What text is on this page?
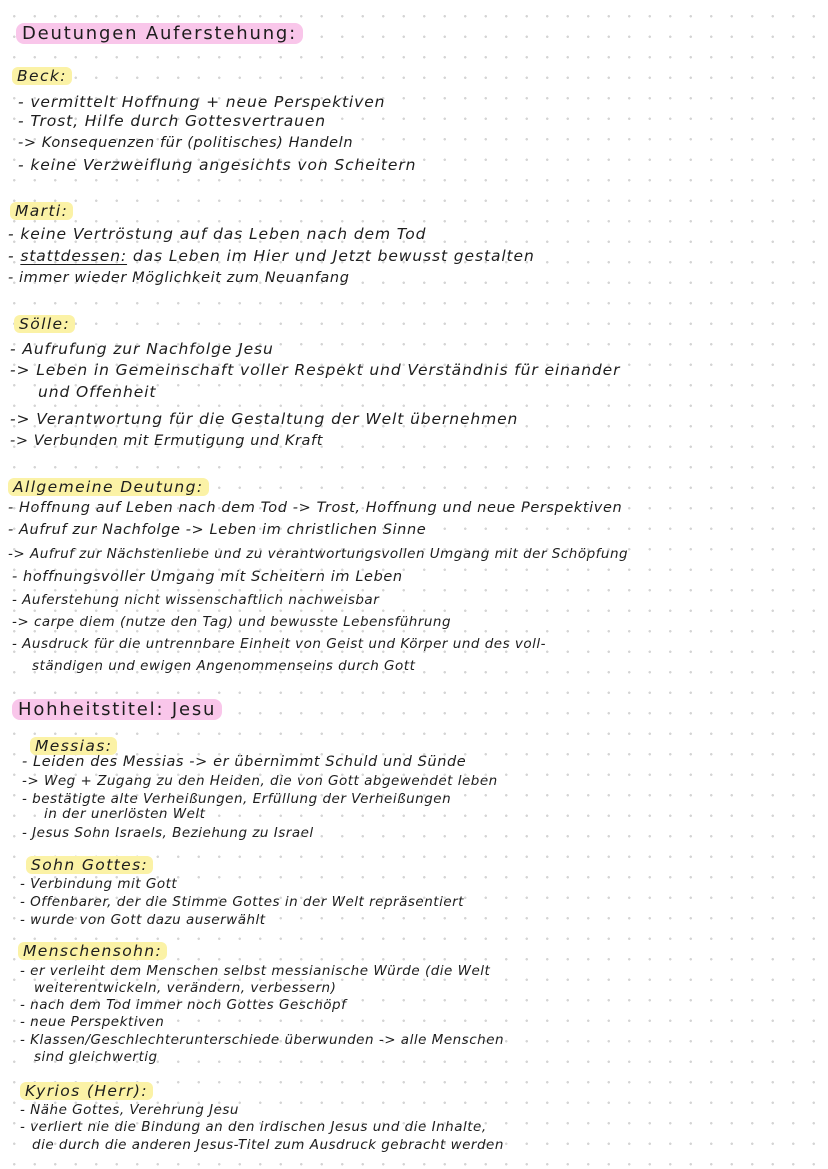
Deutungen Auferstehung:
Beck:
- vermittelt Hoffnung + neue Perspektiven
- Trost, Hilfe durch Gottesvertrauen
-> Konsequenzen für (politisches) Handeln
- keine Verzweiflung angesichts von Scheitern
Marti:
- keine Vertröstung auf das Leben nach dem Tod
- stattdessen: das Leben im Hier und Jetzt bewusst gestalten
- immer wieder Möglichkeit zum Neuanfang
Sölle:
- Aufrufung zur Nachfolge Jesu
-> Leben in Gemeinschaft voller Respekt und Verständnis für einander
und Offenheit
-> Verantwortung für die Gestaltung der Welt übernehmen
-> Verbunden mit Ermutigung und Kraft
Allgemeine Deutung:
- Hoffnung auf Leben nach dem Tod -> Trost, Hoffnung und neue Perspektiven
- Aufruf zur Nachfolge -> Leben im christlichen Sinne
-> Aufruf zur Nächstenliebe und zu verantwortungsvollen Umgang mit der Schöpfung
- hoffnungsvoller Umgang mit Scheitern im Leben
- Auferstehung nicht wissenschaftlich nachweisbar
-> carpe diem (nutze den Tag) und bewusste Lebensführung
- Ausdruck für die untrennbare Einheit von Geist und Körper und des voll-
ständigen und ewigen Angenommenseins durch Gott
Hohheitstitel: Jesu
Messias:
- Leiden des Messias -> er übernimmt Schuld und Sünde
-> Weg + Zugang zu den Heiden, die von Gott abgewendet leben
- bestätigte alte Verheißungen, Erfüllung der Verheißungen
in der unerlösten Welt
- Jesus Sohn Israels, Beziehung zu Israel
Sohn Gottes:
- Verbindung mit Gott
- Offenbarer, der die Stimme Gottes in der Welt repräsentiert
- wurde von Gott dazu auserwählt
Menschensohn:
- er verleiht dem Menschen selbst messianische Würde (die Welt
weiterentwickeln, verändern, verbessern)
- nach dem Tod immer noch Gottes Geschöpf
- neue Perspektiven
- Klassen/Geschlechterunterschiede überwunden -> alle Menschen
sind gleichwertig
Kyrios (Herr):
- Nähe Gottes, Verehrung Jesu
- verliert nie die Bindung an den irdischen Jesus und die Inhalte,
die durch die anderen Jesus-Titel zum Ausdruck gebracht werden
